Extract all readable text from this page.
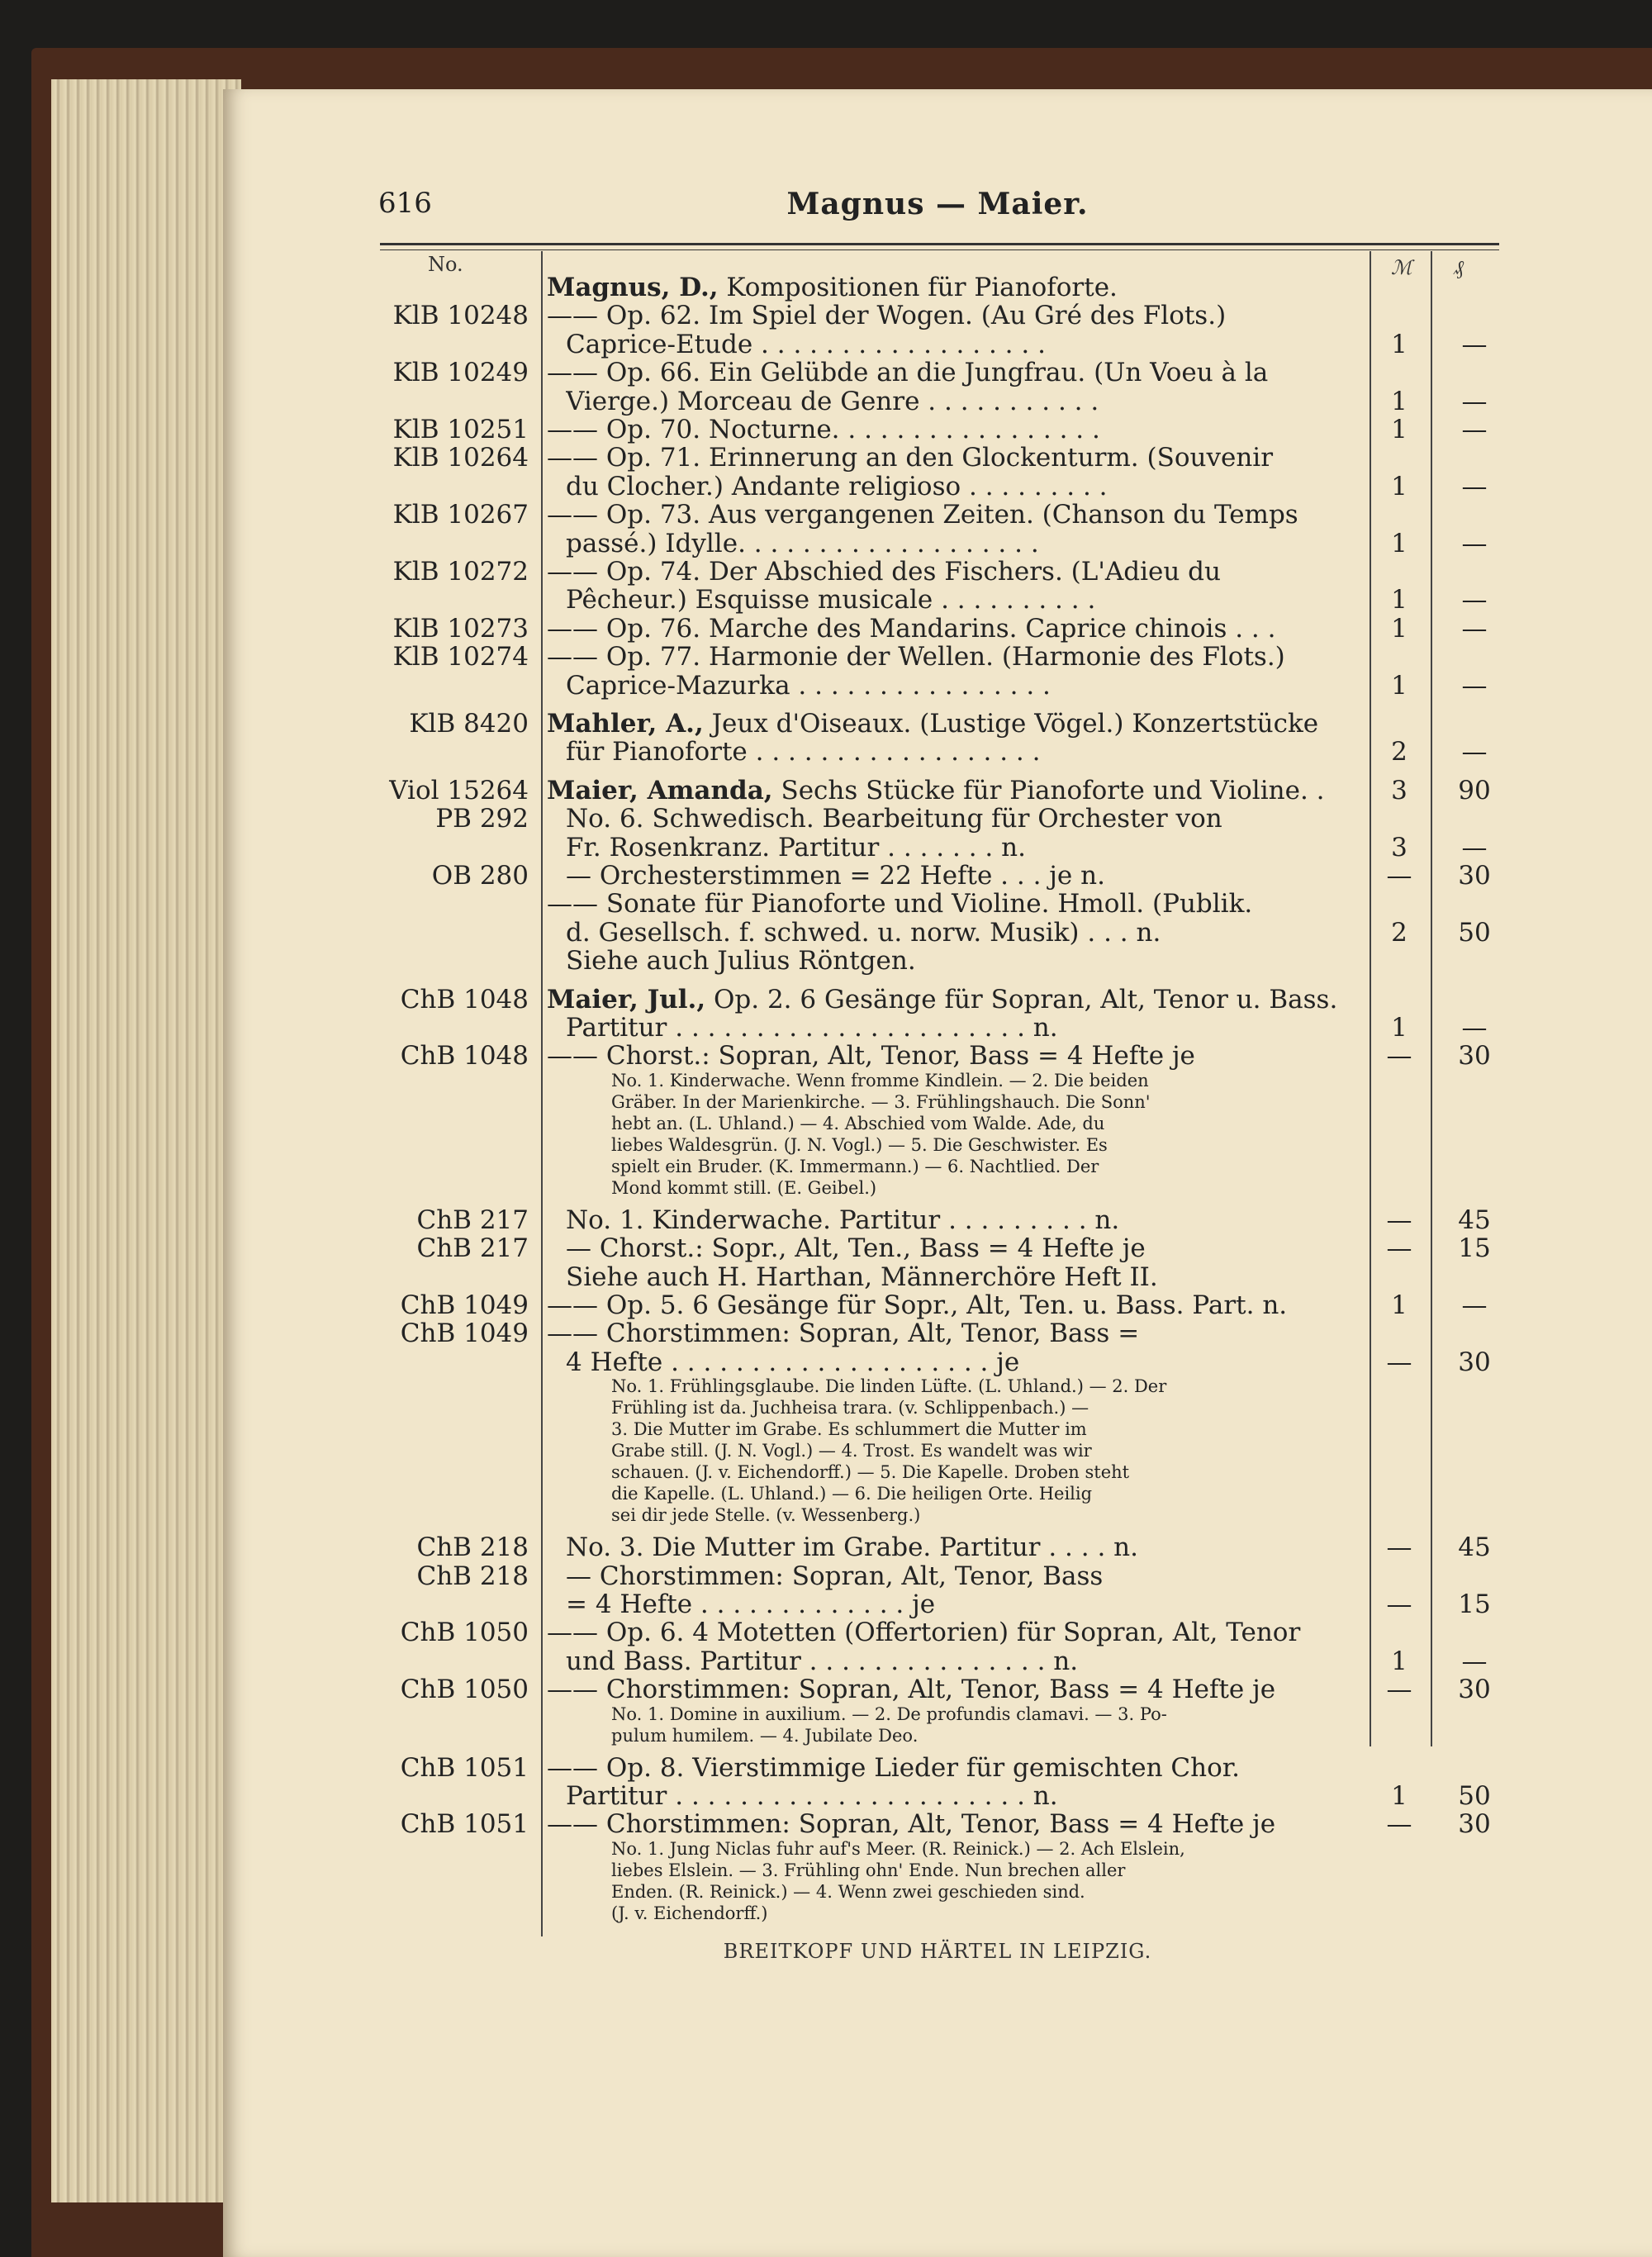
616	Magnus — Maier.
No.	ℳ ₰
Magnus, D., Kompositionen für Pianoforte.
KlB 10248 —— Op. 62. Im Spiel der Wogen. (Au Gré des Flots.)
Caprice-Etude . . . . . . . . . . . . . . . . . .	1	—
KlB 10249 —— Op. 66. Ein Gelübde an die Jungfrau. (Un Voeu à la
Vierge.) Morceau de Genre . . . . . . . . . . .	1	—
KlB 10251 —— Op. 70. Nocturne. . . . . . . . . . . . . . . . .	1	—
KlB 10264 —— Op. 71. Erinnerung an den Glockenturm. (Souvenir
du Clocher.) Andante religioso . . . . . . . . .	1	—
KlB 10267 —— Op. 73. Aus vergangenen Zeiten. (Chanson du Temps
passé.) Idylle. . . . . . . . . . . . . . . . . . .	1	—
KlB 10272 —— Op. 74. Der Abschied des Fischers. (L'Adieu du
Pêcheur.) Esquisse musicale . . . . . . . . . .	1	—
KlB 10273 —— Op. 76. Marche des Mandarins. Caprice chinois . . .	1	—
KlB 10274 —— Op. 77. Harmonie der Wellen. (Harmonie des Flots.)
Caprice-Mazurka . . . . . . . . . . . . . . . .	1	—
KlB 8420 Mahler, A., Jeux d'Oiseaux. (Lustige Vögel.) Konzertstücke
für Pianoforte . . . . . . . . . . . . . . . . . .	2	—
Viol 15264 Maier, Amanda, Sechs Stücke für Pianoforte und Violine. .	3	90
PB 292 No. 6. Schwedisch. Bearbeitung für Orchester von
Fr. Rosenkranz. Partitur . . . . . . . n.	3	—
OB 280 — Orchesterstimmen = 22 Hefte . . . je n.	—	30
—— Sonate für Pianoforte und Violine. Hmoll. (Publik.
d. Gesellsch. f. schwed. u. norw. Musik) . . . n.	2	50
Siehe auch Julius Röntgen.
ChB 1048 Maier, Jul., Op. 2. 6 Gesänge für Sopran, Alt, Tenor u. Bass.
Partitur . . . . . . . . . . . . . . . . . . . . . . n.	1	—
ChB 1048 —— Chorst.: Sopran, Alt, Tenor, Bass = 4 Hefte je	—	30
No. 1. Kinderwache. Wenn fromme Kindlein. — 2. Die beiden
Gräber. In der Marienkirche. — 3. Frühlingshauch. Die Sonn'
hebt an. (L. Uhland.) — 4. Abschied vom Walde. Ade, du
liebes Waldesgrün. (J. N. Vogl.) — 5. Die Geschwister. Es
spielt ein Bruder. (K. Immermann.) — 6. Nachtlied. Der
Mond kommt still. (E. Geibel.)
ChB 217 No. 1. Kinderwache. Partitur . . . . . . . . . n.	—	45
ChB 217 — Chorst.: Sopr., Alt, Ten., Bass = 4 Hefte je	—	15
Siehe auch H. Harthan, Männerchöre Heft II.
ChB 1049 —— Op. 5. 6 Gesänge für Sopr., Alt, Ten. u. Bass. Part. n.	1	—
ChB 1049 —— Chorstimmen: Sopran, Alt, Tenor, Bass =
4 Hefte . . . . . . . . . . . . . . . . . . . . je	—	30
No. 1. Frühlingsglaube. Die linden Lüfte. (L. Uhland.) — 2. Der
Frühling ist da. Juchheisa trara. (v. Schlippenbach.) —
3. Die Mutter im Grabe. Es schlummert die Mutter im
Grabe still. (J. N. Vogl.) — 4. Trost. Es wandelt was wir
schauen. (J. v. Eichendorff.) — 5. Die Kapelle. Droben steht
die Kapelle. (L. Uhland.) — 6. Die heiligen Orte. Heilig
sei dir jede Stelle. (v. Wessenberg.)
ChB 218 No. 3. Die Mutter im Grabe. Partitur . . . . n.	—	45
ChB 218 — Chorstimmen: Sopran, Alt, Tenor, Bass
= 4 Hefte . . . . . . . . . . . . . je	—	15
ChB 1050 —— Op. 6. 4 Motetten (Offertorien) für Sopran, Alt, Tenor
und Bass. Partitur . . . . . . . . . . . . . . . n.	1	—
ChB 1050 —— Chorstimmen: Sopran, Alt, Tenor, Bass = 4 Hefte je	—	30
No. 1. Domine in auxilium. — 2. De profundis clamavi. — 3. Po-
pulum humilem. — 4. Jubilate Deo.
ChB 1051 —— Op. 8. Vierstimmige Lieder für gemischten Chor.
Partitur . . . . . . . . . . . . . . . . . . . . . . n.	1	50
ChB 1051 —— Chorstimmen: Sopran, Alt, Tenor, Bass = 4 Hefte je	—	30
No. 1. Jung Niclas fuhr auf's Meer. (R. Reinick.) — 2. Ach Elslein,
liebes Elslein. — 3. Frühling ohn' Ende. Nun brechen aller
Enden. (R. Reinick.) — 4. Wenn zwei geschieden sind.
(J. v. Eichendorff.)
BREITKOPF UND HÄRTEL IN LEIPZIG.
